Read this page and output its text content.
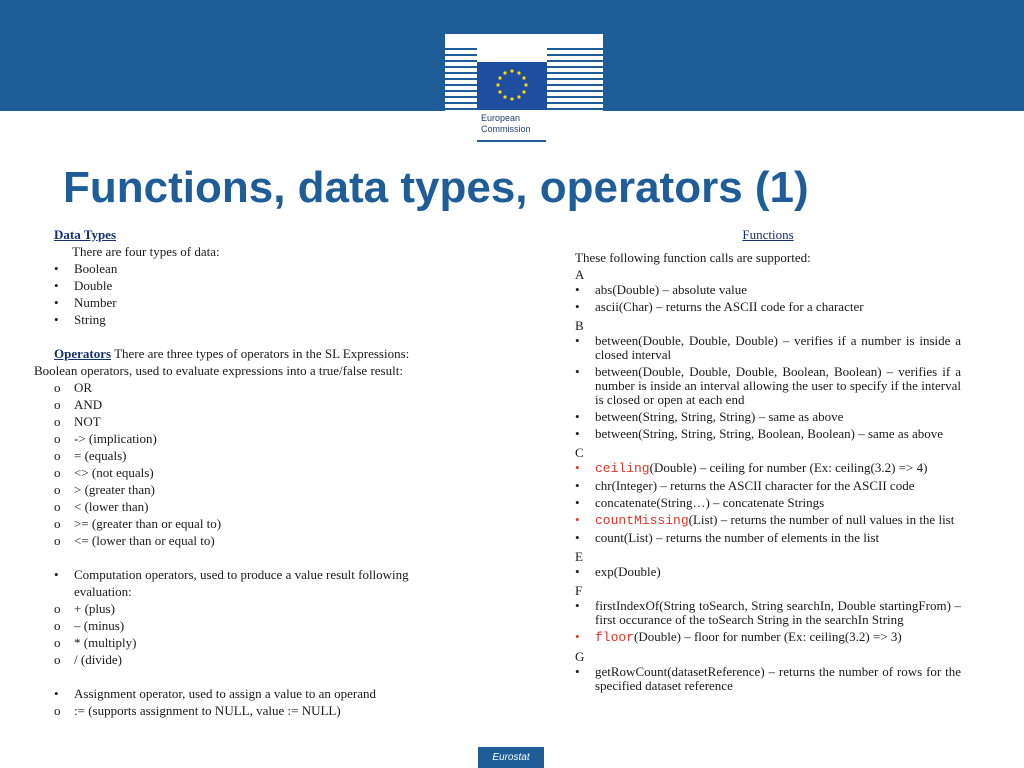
European
Commission
Functions, data types, operators (1)
Data Types
There are four types of data:
•	Boolean
•	Double
•	Number
•	String
Operators There are three types of operators in the SL Expressions:
Boolean operators, used to evaluate expressions into a true/false result:
o	OR
o	AND
o	NOT
o	-> (implication)
o	= (equals)
o	<> (not equals)
o	> (greater than)
o	< (lower than)
o	>= (greater than or equal to)
o	<= (lower than or equal to)
•	Computation operators, used to produce a value result following evaluation:
o	+ (plus)
o	– (minus)
o	* (multiply)
o	/ (divide)
•	Assignment operator, used to assign a value to an operand
o	:= (supports assignment to NULL, value := NULL)
Functions
These following function calls are supported:
A
•	abs(Double) – absolute value
•	ascii(Char) – returns the ASCII code for a character
B
•	between(Double, Double, Double) – verifies if a number is inside a closed interval
•	between(Double, Double, Double, Boolean, Boolean) – verifies if a number is inside an interval allowing the user to specify if the interval is closed or open at each end
•	between(String, String, String) – same as above
•	between(String, String, String, Boolean, Boolean) – same as above
C
•	ceiling(Double) – ceiling for number (Ex: ceiling(3.2) => 4)
•	chr(Integer) – returns the ASCII character for the ASCII code
•	concatenate(String…) – concatenate Strings
•	countMissing(List) – returns the number of null values in the list
•	count(List) – returns the number of elements in the list
E
•	exp(Double)
F
•	firstIndexOf(String toSearch, String searchIn, Double startingFrom) – first occurance of the toSearch String in the searchIn String
•	floor(Double) – floor for number (Ex: ceiling(3.2) => 3)
G
•	getRowCount(datasetReference) – returns the number of rows for the specified dataset reference
Eurostat
